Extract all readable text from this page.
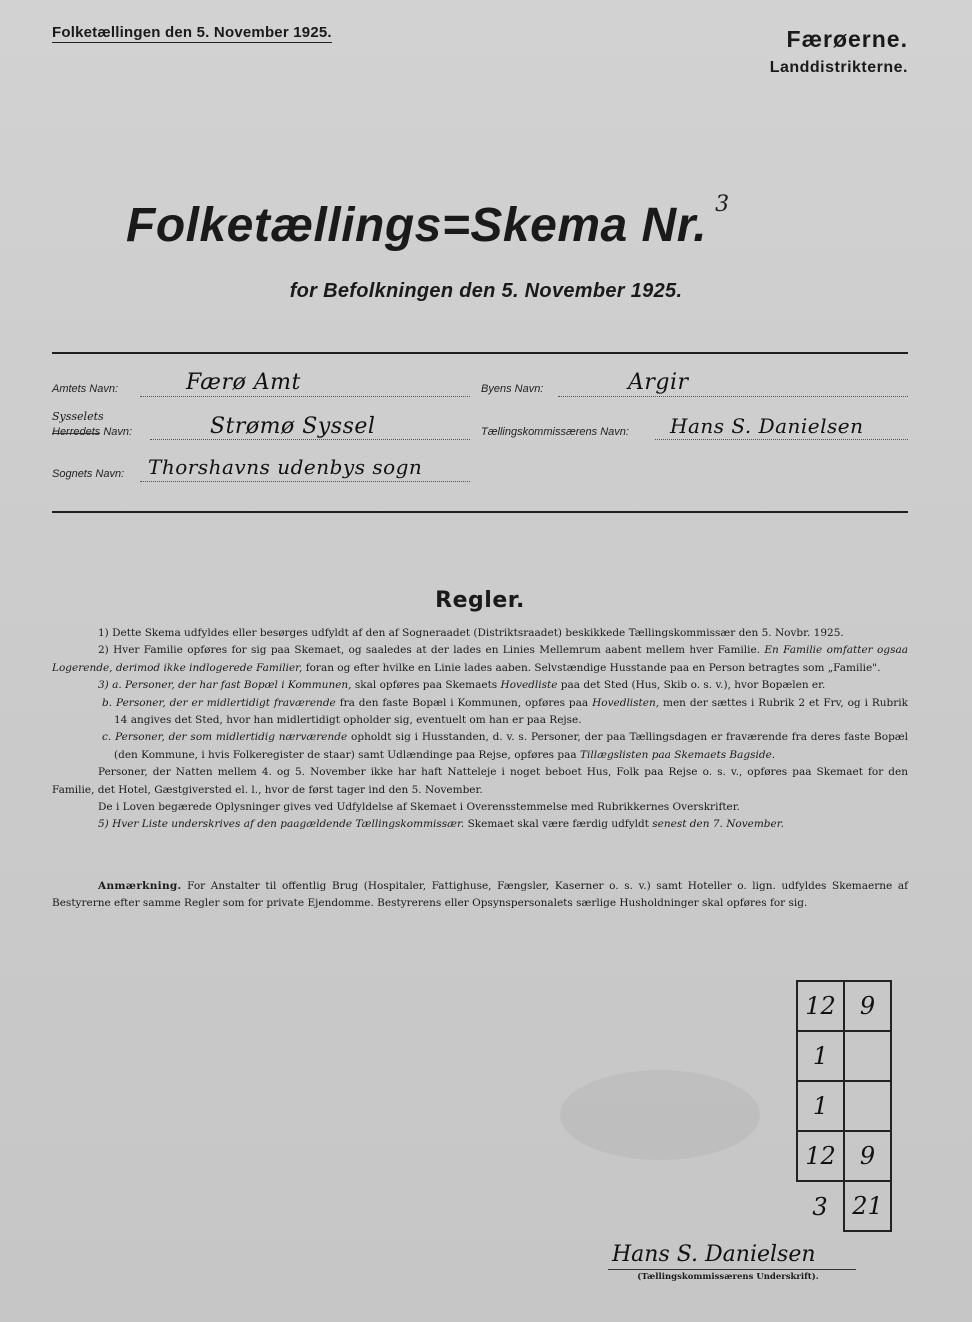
Folketællingen den 5. November 1925.	Færøerne.
Landdistrikterne.
Folketællings=Skema Nr. $^3$
for Befolkningen den 5. November 1925.
Amtets Navn:	Færø Amt	Byens Navn:	Argir
Sysselets
Herredets Navn:	Strømø Syssel	Tællingskommissærens Navn: Hans S. Danielsen
Sognets Navn: Thorshavns udenbys sogn
Regler.

1) Dette Skema udfyldes eller besørges udfyldt af den af Sogneraadet (Distriktsraadet) beskikkede Tællingskommissær den 5. Novbr. 1925.

2) Hver Familie opføres for sig paa Skemaet, og saaledes at der lades en Linies Mellemrum aabent mellem hver Familie. En Familie omfatter ogsaa Logerende, derimod ikke indlogerede Familier, foran og efter hvilke en Linie lades aaben. Selvstændige Husstande paa en Person betragtes som „Familie".

3) a. Personer, der har fast Bopæl i Kommunen, skal opføres paa Skemaets Hovedliste paa det Sted (Hus, Skib o. s. v.), hvor Bopælen er.

b. Personer, der er midlertidigt fraværende fra den faste Bopæl i Kommunen, opføres paa Hovedlisten, men der sættes i Rubrik 2 et Frv, og i Rubrik 14 angives det Sted, hvor han midlertidigt opholder sig, eventuelt om han er paa Rejse.

c. Personer, der som midlertidig nærværende opholdt sig i Husstanden, d. v. s. Personer, der paa Tællingsdagen er fraværende fra deres faste Bopæl (den Kommune, i hvis Folkeregister de staar) samt Udlændinge paa Rejse, opføres paa Tillægslisten paa Skemaets Bagside.

Personer, der Natten mellem 4. og 5. November ikke har haft Natteleje i noget beboet Hus, Folk paa Rejse o. s. v., opføres paa Skemaet for den Familie, det Hotel, Gæstgiversted el. l., hvor de først tager ind den 5. November.

De i Loven begærede Oplysninger gives ved Udfyldelse af Skemaet i Overensstemmelse med Rubrikkernes Overskrifter.

5) Hver Liste underskrives af den paagældende Tællingskommissær. Skemaet skal være færdig udfyldt senest den 7. November.

Anmærkning. For Anstalter til offentlig Brug (Hospitaler, Fattighuse, Fængsler, Kaserner o. s. v.) samt Hoteller o. lign. udfyldes Skemaerne af Bestyrerne efter samme Regler som for private Ejendomme. Bestyrerens eller Opsynspersonalets særlige Husholdninger skal opføres for sig.

12	9
1	
1	
12	9
3	21
Hans S. Danielsen
(Tællingskommissærens Underskrift).
